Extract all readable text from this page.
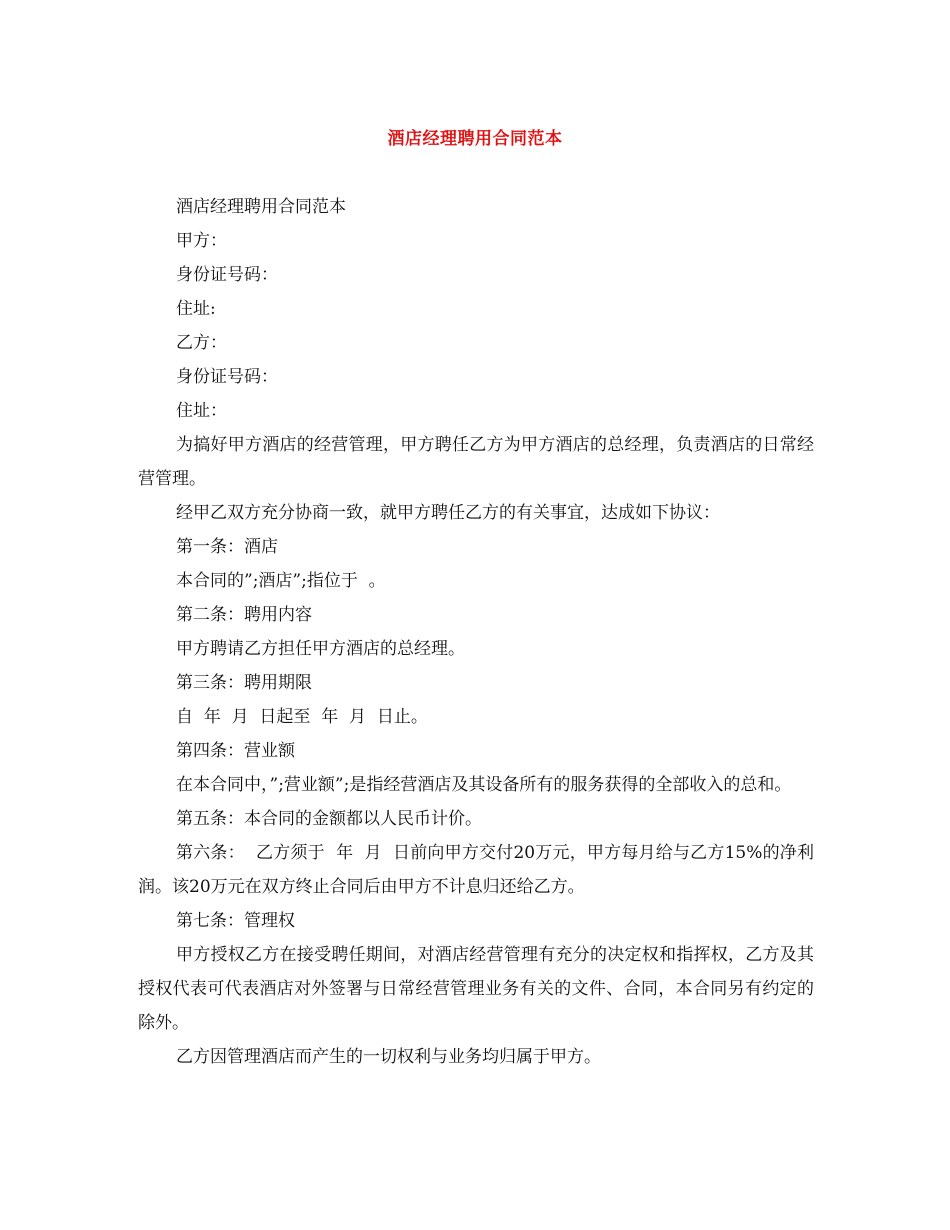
酒店经理聘用合同范本

酒店经理聘用合同范本

甲方：

身份证号码：

住址:

乙方：

身份证号码：

住址：

为搞好甲方酒店的经营管理，甲方聘任乙方为甲方酒店的总经理，负责酒店的日常经营管理。

经甲乙双方充分协商一致，就甲方聘任乙方的有关事宜，达成如下协议：

第一条：酒店

本合同的”;酒店”;指位于  。

第二条：聘用内容

甲方聘请乙方担任甲方酒店的总经理。

第三条：聘用期限

自  年  月  日起至  年  月  日止。

第四条：营业额

在本合同中，”;营业额”;是指经营酒店及其设备所有的服务获得的全部收入的总和。

第五条：本合同的金额都以人民币计价。

第六条：  乙方须于  年  月  日前向甲方交付20万元，甲方每月给与乙方15%的净利润。该20万元在双方终止合同后由甲方不计息归还给乙方。

第七条：管理权

甲方授权乙方在接受聘任期间，对酒店经营管理有充分的决定权和指挥权，乙方及其授权代表可代表酒店对外签署与日常经营管理业务有关的文件、合同，本合同另有约定的除外。

乙方因管理酒店而产生的一切权利与业务均归属于甲方。
